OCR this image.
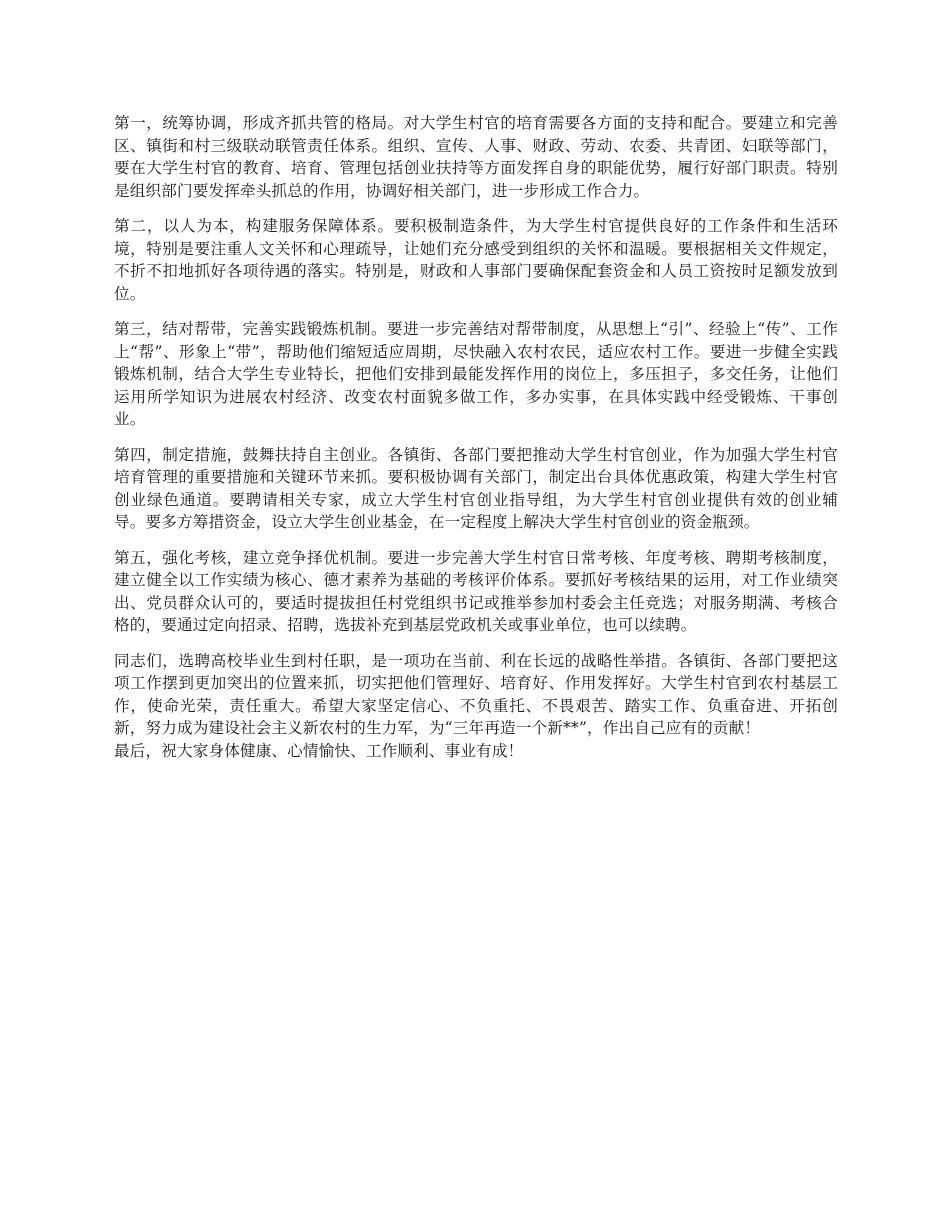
第一，统筹协调，形成齐抓共管的格局。对大学生村官的培育需要各方面的支持和配合。要建立和完善区、镇街和村三级联动联管责任体系。组织、宣传、人事、财政、劳动、农委、共青团、妇联等部门，要在大学生村官的教育、培育、管理包括创业扶持等方面发挥自身的职能优势，履行好部门职责。特别是组织部门要发挥牵头抓总的作用，协调好相关部门，进一步形成工作合力。

第二，以人为本，构建服务保障体系。要积极制造条件，为大学生村官提供良好的工作条件和生活环境，特别是要注重人文关怀和心理疏导，让她们充分感受到组织的关怀和温暖。要根据相关文件规定，不折不扣地抓好各项待遇的落实。特别是，财政和人事部门要确保配套资金和人员工资按时足额发放到位。

第三，结对帮带，完善实践锻炼机制。要进一步完善结对帮带制度，从思想上“引”、经验上“传”、工作上“帮”、形象上“带”，帮助他们缩短适应周期，尽快融入农村农民，适应农村工作。要进一步健全实践锻炼机制，结合大学生专业特长，把他们安排到最能发挥作用的岗位上，多压担子，多交任务，让他们运用所学知识为进展农村经济、改变农村面貌多做工作，多办实事，在具体实践中经受锻炼、干事创业。

第四，制定措施，鼓舞扶持自主创业。各镇街、各部门要把推动大学生村官创业，作为加强大学生村官培育管理的重要措施和关键环节来抓。要积极协调有关部门，制定出台具体优惠政策，构建大学生村官创业绿色通道。要聘请相关专家，成立大学生村官创业指导组，为大学生村官创业提供有效的创业辅导。要多方筹措资金，设立大学生创业基金，在一定程度上解决大学生村官创业的资金瓶颈。

第五，强化考核，建立竞争择优机制。要进一步完善大学生村官日常考核、年度考核、聘期考核制度，建立健全以工作实绩为核心、德才素养为基础的考核评价体系。要抓好考核结果的运用，对工作业绩突出、党员群众认可的，要适时提拔担任村党组织书记或推举参加村委会主任竞选；对服务期满、考核合格的，要通过定向招录、招聘，选拔补充到基层党政机关或事业单位，也可以续聘。

同志们，选聘高校毕业生到村任职，是一项功在当前、利在长远的战略性举措。各镇街、各部门要把这项工作摆到更加突出的位置来抓，切实把他们管理好、培育好、作用发挥好。大学生村官到农村基层工作，使命光荣，责任重大。希望大家坚定信心、不负重托、不畏艰苦、踏实工作、负重奋进、开拓创新，努力成为建设社会主义新农村的生力军，为“三年再造一个新**”，作出自己应有的贡献！

最后，祝大家身体健康、心情愉快、工作顺利、事业有成！
